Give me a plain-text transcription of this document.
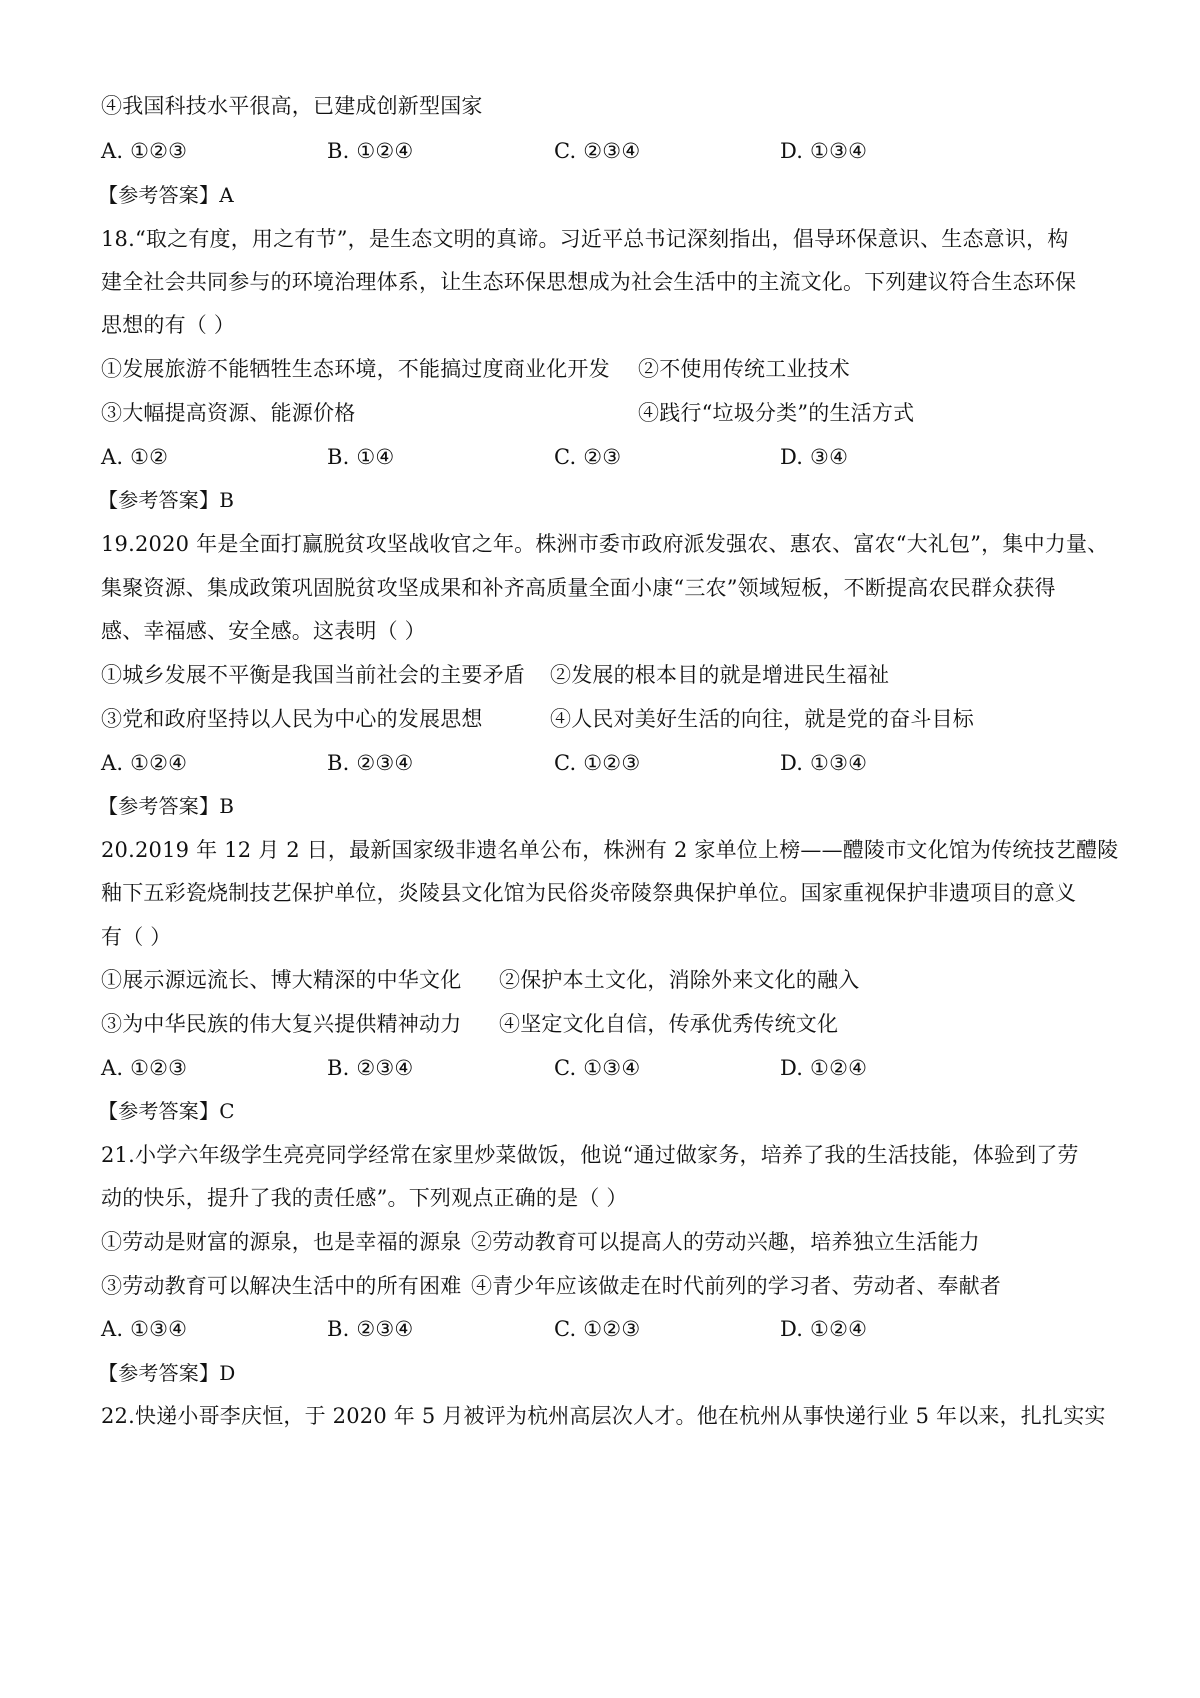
④我国科技水平很高，已建成创新型国家
A. ①②③	B. ①②④	C. ②③④	D. ①③④
【参考答案】A
18.“取之有度，用之有节”，是生态文明的真谛。习近平总书记深刻指出，倡导环保意识、生态意识，构
建全社会共同参与的环境治理体系，让生态环保思想成为社会生活中的主流文化。下列建议符合生态环保
思想的有（ ）
①发展旅游不能牺牲生态环境，不能搞过度商业化开发 ②不使用传统工业技术
③大幅提高资源、能源价格	④践行“垃圾分类”的生活方式
A. ①②	B. ①④	C. ②③	D. ③④
【参考答案】B
19.2020 年是全面打赢脱贫攻坚战收官之年。株洲市委市政府派发强农、惠农、富农“大礼包”，集中力量、
集聚资源、集成政策巩固脱贫攻坚成果和补齐高质量全面小康“三农”领域短板，不断提高农民群众获得
感、幸福感、安全感。这表明（ ）
①城乡发展不平衡是我国当前社会的主要矛盾 ②发展的根本目的就是增进民生福祉
③党和政府坚持以人民为中心的发展思想	④人民对美好生活的向往，就是党的奋斗目标
A. ①②④	B. ②③④	C. ①②③	D. ①③④
【参考答案】B
20.2019 年 12 月 2 日，最新国家级非遗名单公布，株洲有 2 家单位上榜——醴陵市文化馆为传统技艺醴陵
釉下五彩瓷烧制技艺保护单位，炎陵县文化馆为民俗炎帝陵祭典保护单位。国家重视保护非遗项目的意义
有（ ）
①展示源远流长、博大精深的中华文化 ②保护本土文化，消除外来文化的融入
③为中华民族的伟大复兴提供精神动力 ④坚定文化自信，传承优秀传统文化
A. ①②③	B. ②③④	C. ①③④	D. ①②④
【参考答案】C
21.小学六年级学生亮亮同学经常在家里炒菜做饭，他说“通过做家务，培养了我的生活技能，体验到了劳
动的快乐，提升了我的责任感”。下列观点正确的是（ ）
①劳动是财富的源泉，也是幸福的源泉 ②劳动教育可以提高人的劳动兴趣，培养独立生活能力
③劳动教育可以解决生活中的所有困难 ④青少年应该做走在时代前列的学习者、劳动者、奉献者
A. ①③④	B. ②③④	C. ①②③	D. ①②④
【参考答案】D
22.快递小哥李庆恒，于 2020 年 5 月被评为杭州高层次人才。他在杭州从事快递行业 5 年以来，扎扎实实
